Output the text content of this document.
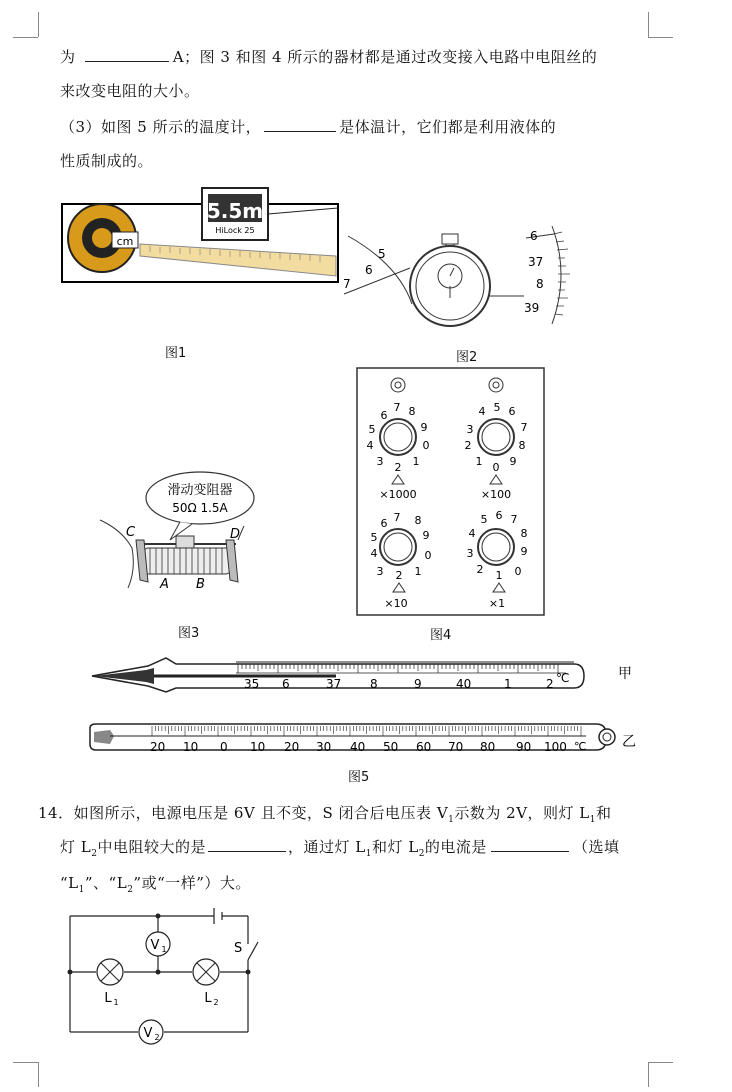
为	A；图 3 和图 4 所示的器材都是通过改变接入电路中电阻丝的
来改变电阻的大小。
（3）如图 5 所示的温度计，	是体温计，它们都是利用液体的
性质制成的。
cm
5.5m
HiLock 25
图1
5
6
7
6
37
8
39
图2
滑动变阻器
50Ω 1.5A
C	D
A B
图3
7
6 8
5	9
4	0
3 2 1
×1000
4 5 6
3	7
2	8
1 0 9
×100
7
6 8
5	9
4	0
3 2 1
×10
5 6 7
4	8
3	9
2 1 0
×1
图4
35 6	37 8	9	40	1	2 ℃	甲
20 10 0 10 20 30 40 50 60 70 80 90 100 ℃	乙
图5
14．如图所示，电源电压是 6V 且不变，S 闭合后电压表 $V_1$示数为 2V，则灯 $L_1$和
灯 $L_2$中电阻较大的是	，通过灯 $L_1$和灯 $L_2$的电流是	（选填
“$L_1$”、“$L_2$”或“一样”）大。
V 1
L 1	L 2
V 2
S
